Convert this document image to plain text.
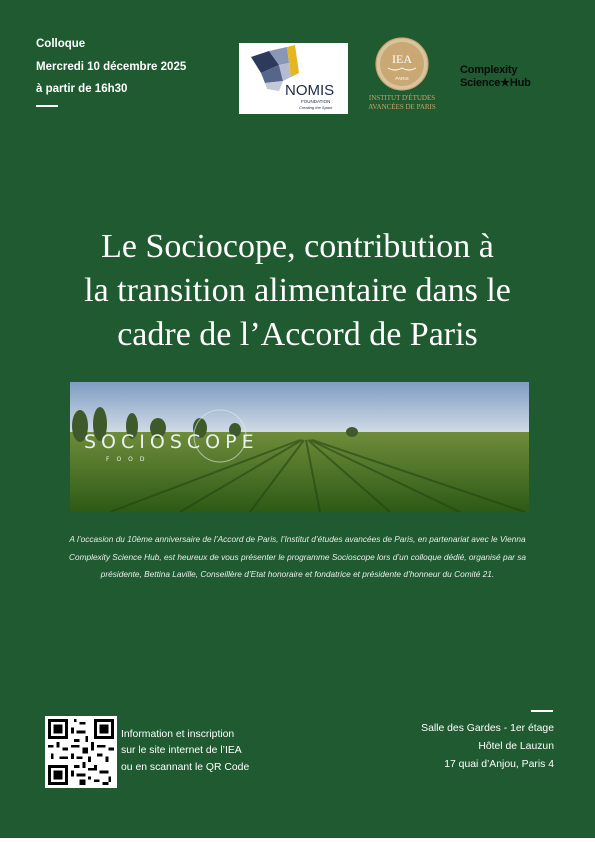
Colloque
Mercredi 10 décembre 2025
à partir de 16h30	NOMIS
FOUNDATION
Creating the Spark
IEA
PARIS
INSTITUT D'ÉTUDES
AVANCÉES DE PARIS
Complexity
Science★Hub
Le Sociocope, contribution à
la transition alimentaire dans le
cadre de l’Accord de Paris
SOCIOSCOPE
FOOD
A l’occasion du 10ème anniversaire de l’Accord de Paris, l’Institut d’études avancées de Paris, en partenariat avec le Vienna
Complexity Science Hub, est heureux de vous présenter le programme Socioscope lors d’un colloque dédié, organisé par sa
présidente, Bettina Laville, Conseillère d’Etat honoraire et fondatrice et présidente d’honneur du Comité 21.
Information et inscription
sur le site internet de l’IEA
ou en scannant le QR Code
Salle des Gardes - 1er étage
Hôtel de Lauzun
17 quai d’Anjou, Paris 4
